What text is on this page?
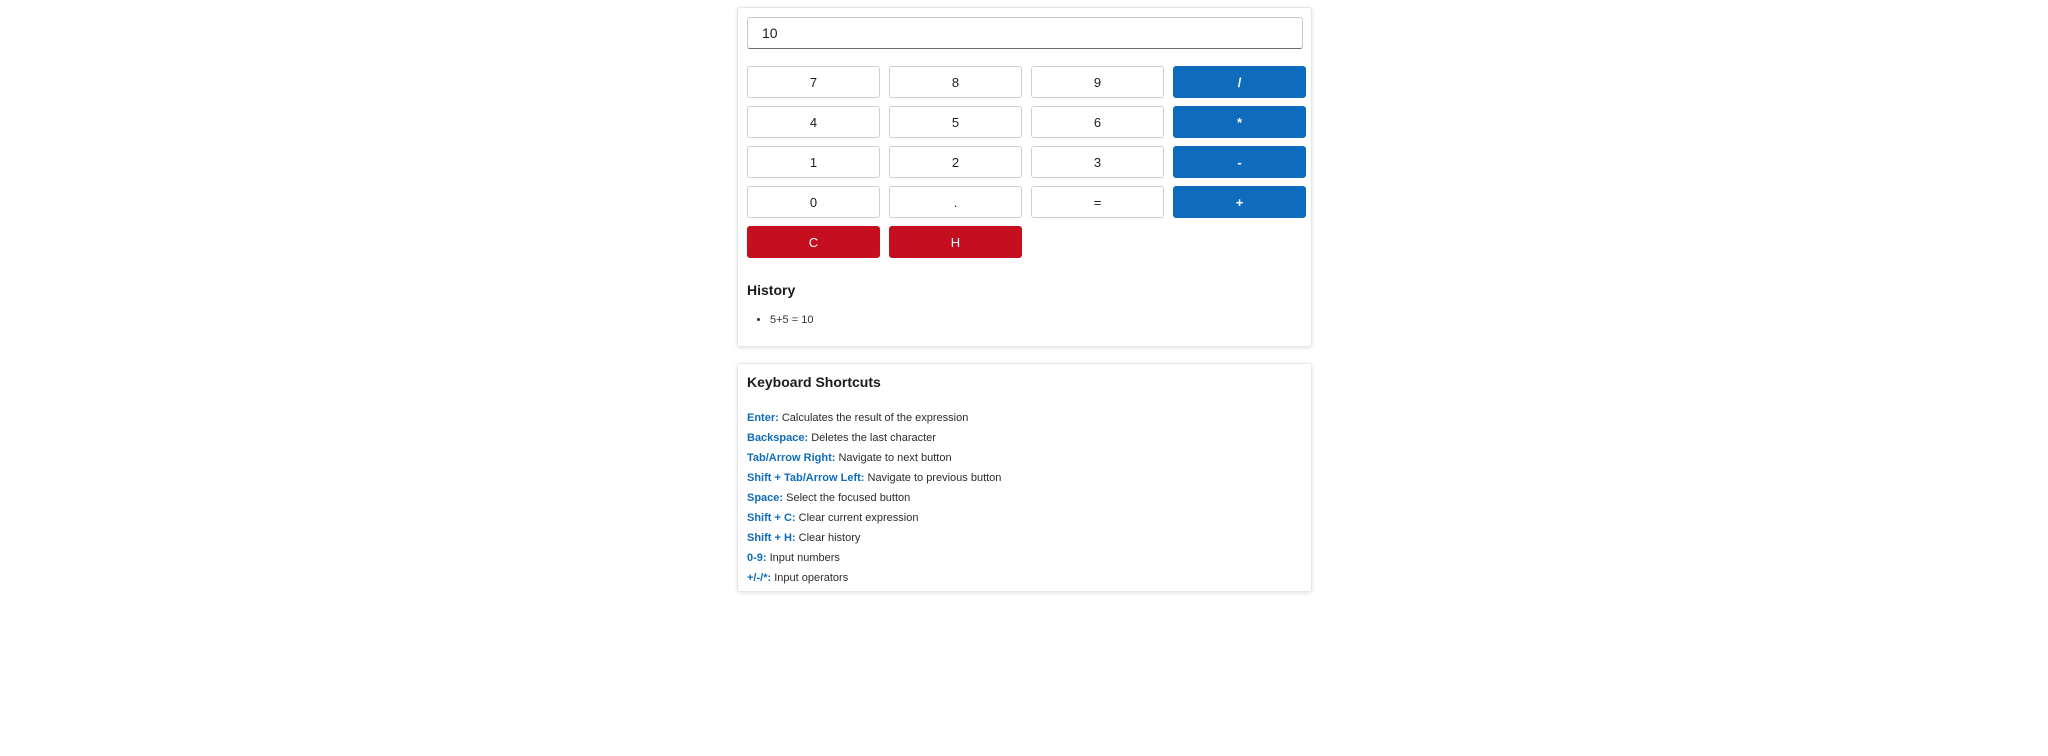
10
7	8	9	/
4	5	6	*
1	2	3	-
0	.	=	+
C	H
History
• 5+5 = 10
Keyboard Shortcuts
Enter: Calculates the result of the expression
Backspace: Deletes the last character
Tab/Arrow Right: Navigate to next button
Shift + Tab/Arrow Left: Navigate to previous button
Space: Select the focused button
Shift + C: Clear current expression
Shift + H: Clear history
0-9: Input numbers
+/-/*: Input operators
